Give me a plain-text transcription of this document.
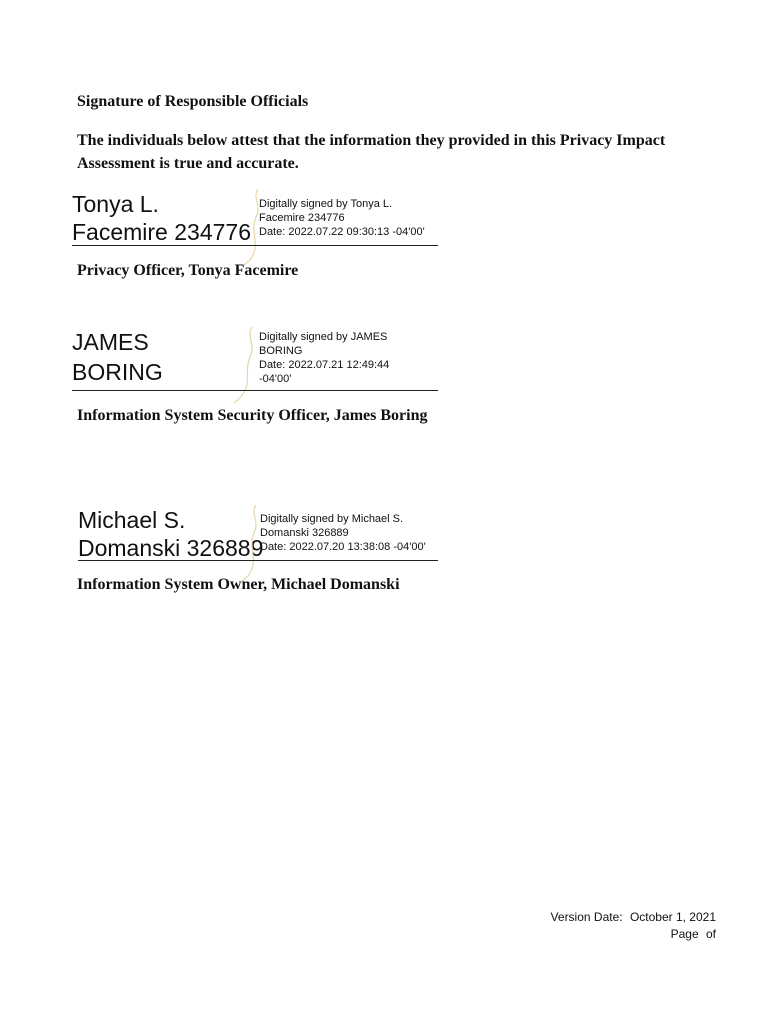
Signature of Responsible Officials
The individuals below attest that the information they provided in this Privacy Impact Assessment is true and accurate.
Tonya L.
Facemire 234776
Digitally signed by Tonya L.
Facemire 234776
Date: 2022.07.22 09:30:13 -04'00'
Privacy Officer, Tonya Facemire
JAMES
BORING
Digitally signed by JAMES
BORING
Date: 2022.07.21 12:49:44
-04'00'
Information System Security Officer, James Boring
Michael S.
Domanski 326889
Digitally signed by Michael S.
Domanski 326889
Date: 2022.07.20 13:38:08 -04'00'
Information System Owner, Michael Domanski
Version Date: October 1, 2021
Page of
